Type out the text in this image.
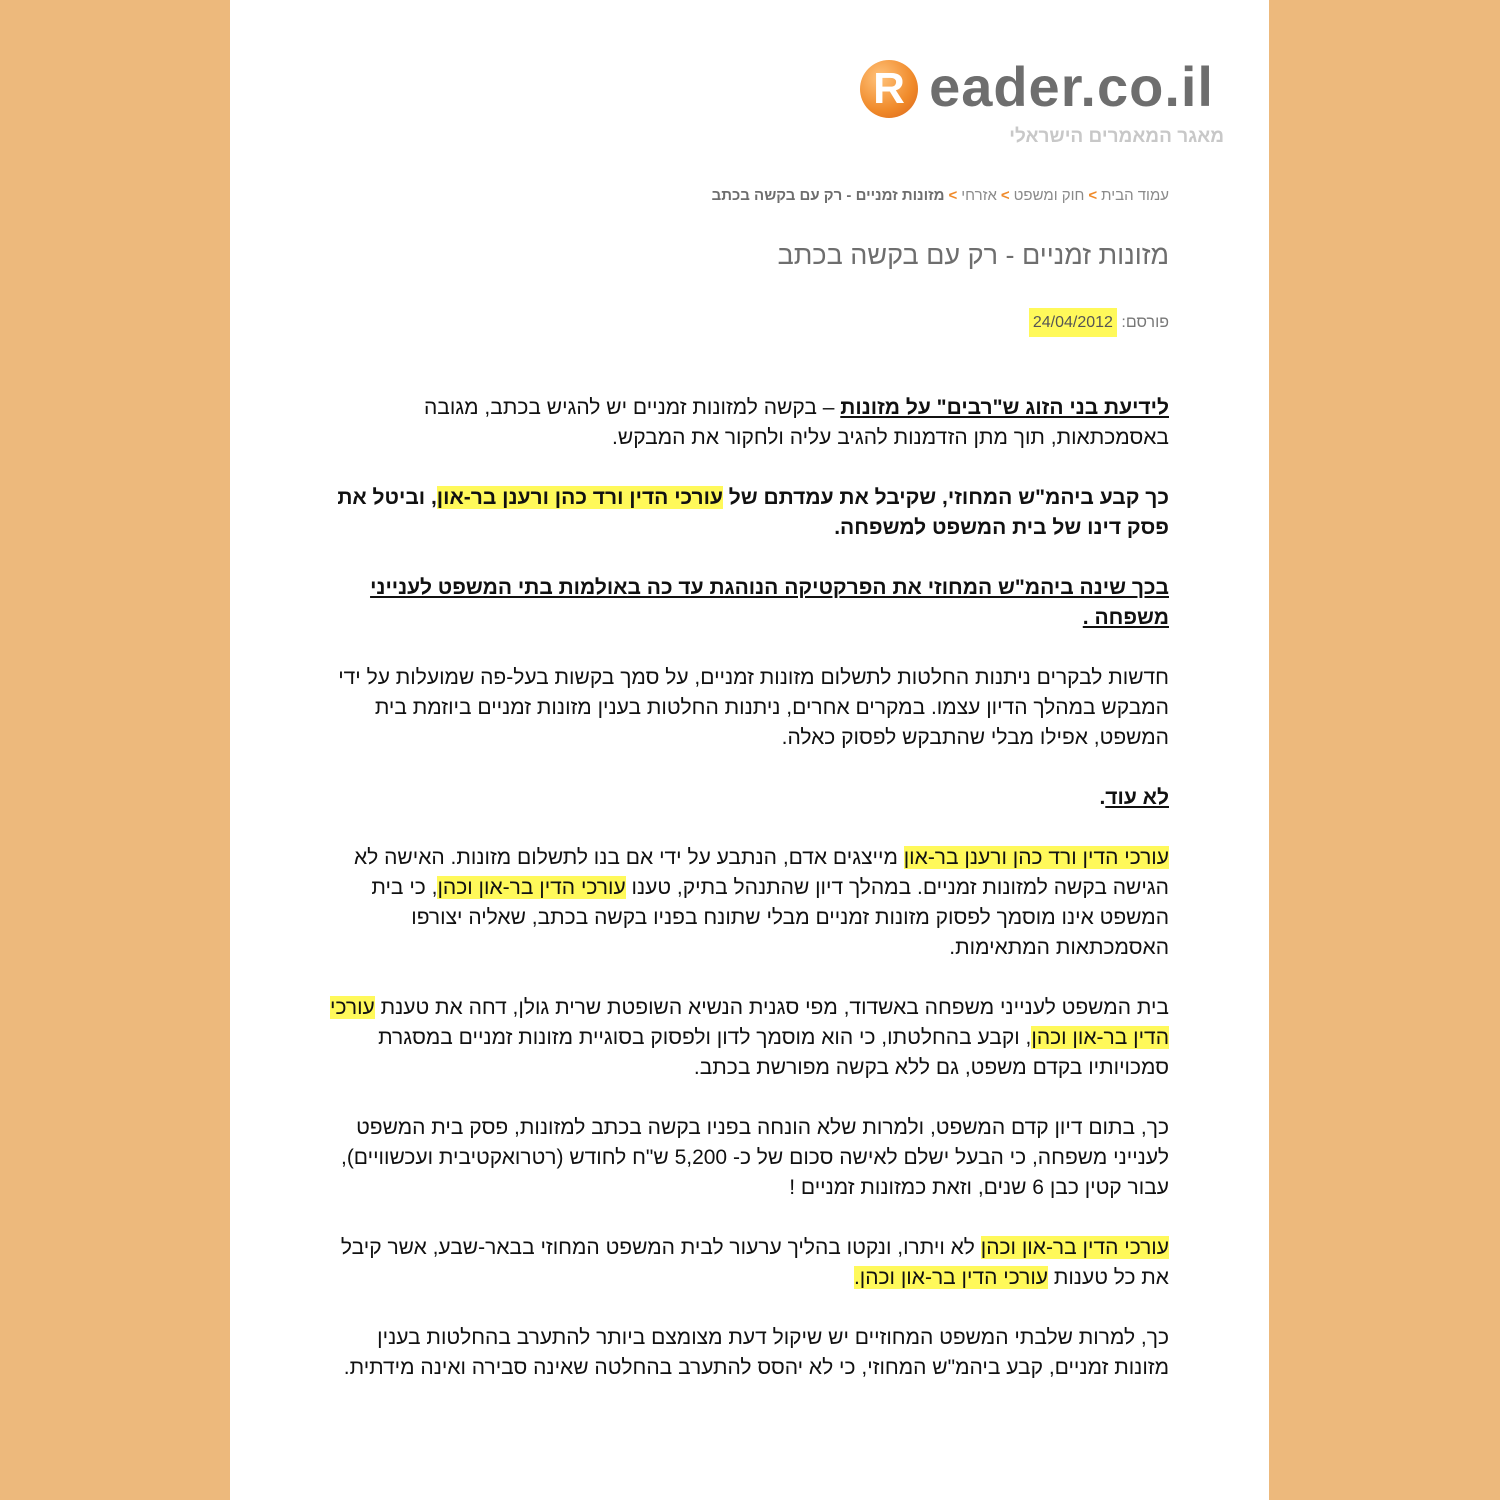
eader.co.il
R
מאגר המאמרים הישראלי
עמוד הבית>חוק ומשפט>אזרחי>מזונות זמניים - רק עם בקשה בכתב
מזונות זמניים - רק עם בקשה בכתב
פורסם: 24/04/2012

לידיעת בני הזוג ש"רבים" על מזונות – בקשה למזונות זמניים יש להגיש בכתב, מגובה באסמכתאות, תוך מתן הזדמנות להגיב עליה ולחקור את המבקש.

כך קבע ביהמ"ש המחוזי, שקיבל את עמדתם של עורכי הדין ורד כהן ורענן בר-און, וביטל את פסק דינו של בית המשפט למשפחה.

בכך שינה ביהמ"ש המחוזי את הפרקטיקה הנוהגת עד כה באולמות בתי המשפט לענייני משפחה .

חדשות לבקרים ניתנות החלטות לתשלום מזונות זמניים, על סמך בקשות בעל-פה שמועלות על ידי המבקש במהלך הדיון עצמו. במקרים אחרים, ניתנות החלטות בענין מזונות זמניים ביוזמת בית המשפט, אפילו מבלי שהתבקש לפסוק כאלה.

לא עוד.

עורכי הדין ורד כהן ורענן בר-און מייצגים אדם, הנתבע על ידי אם בנו לתשלום מזונות. האישה לא הגישה בקשה למזונות זמניים. במהלך דיון שהתנהל בתיק, טענו עורכי הדין בר-און וכהן, כי בית המשפט אינו מוסמך לפסוק מזונות זמניים מבלי שתונח בפניו בקשה בכתב, שאליה יצורפו האסמכתאות המתאימות.

בית המשפט לענייני משפחה באשדוד, מפי סגנית הנשיא השופטת שרית גולן, דחה את טענת עורכי הדין בר-און וכהן, וקבע בהחלטתו, כי הוא מוסמך לדון ולפסוק בסוגיית מזונות זמניים במסגרת סמכויותיו בקדם משפט, גם ללא בקשה מפורשת בכתב.

כך, בתום דיון קדם המשפט, ולמרות שלא הונחה בפניו בקשה בכתב למזונות, פסק בית המשפט לענייני משפחה, כי הבעל ישלם לאישה סכום של כ- 5,200 ש"ח לחודש (רטרואקטיבית ועכשוויים), עבור קטין כבן 6 שנים, וזאת כמזונות זמניים !

עורכי הדין בר-און וכהן לא ויתרו, ונקטו בהליך ערעור לבית המשפט המחוזי בבאר-שבע, אשר קיבל את כל טענות עורכי הדין בר-און וכהן.

כך, למרות שלבתי המשפט המחוזיים יש שיקול דעת מצומצם ביותר להתערב בהחלטות בענין מזונות זמניים, קבע ביהמ"ש המחוזי, כי לא יהסס להתערב בהחלטה שאינה סבירה ואינה מידתית.
